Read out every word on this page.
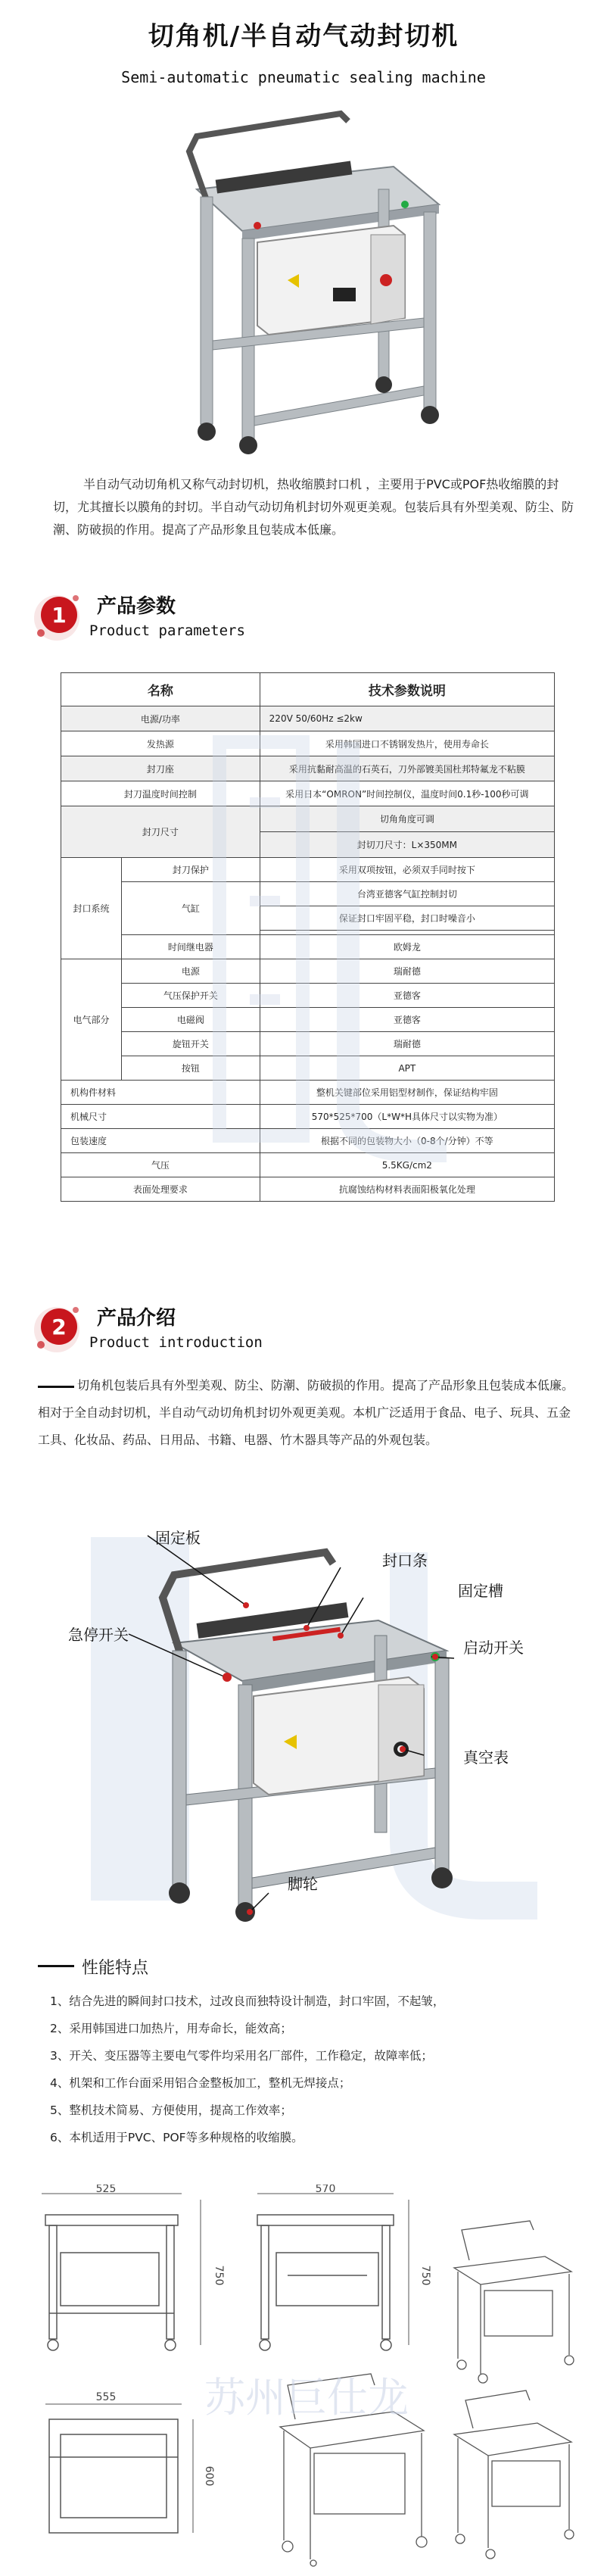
切角机/半自动气动封切机
Semi-automatic pneumatic sealing machine

半自动气动切角机又称气动封切机，热收缩膜封口机 ，主要用于PVC或POF热收缩膜的封切，尤其擅长以膜角的封切。半自动气动切角机封切外观更美观。包装后具有外型美观、防尘、防潮、防破损的作用。提高了产品形象且包装成本低廉。

1 产品参数
Product parameters
名称		技术参数说明
电源/功率		220V 50/60Hz ≤2kw
发热源		采用韩国进口不锈钢发热片，使用寿命长
封刀座		采用抗黏耐高温的石英石，刀外部镀美国杜邦特氟龙不粘膜
封刀温度时间控制		采用日本“OMRON”时间控制仪，温度时间0.1秒-100秒可调
封刀尺寸		切角角度可调
		封切刀尺寸：L×350MM
封口系统	封刀保护	采用双项按钮，必须双手同时按下
	气缸	台湾亚德客气缸控制封切
		保证封口牢固平稳，封口时噪音小

	时间继电器	欧姆龙
电气部分	电源	瑞耐德
	气压保护开关	亚德客
	电磁阀	亚德客
	旋钮开关	瑞耐德
	按钮	APT
机构件材料		整机关键部位采用铝型材制作，保证结构牢固
机械尺寸		570*525*700（L*W*H具体尺寸以实物为准）
包装速度		根据不同的包装物大小（0-8个/分钟）不等
气压		5.5KG/cm2
表面处理要求		抗腐蚀结构材料表面阳极氧化处理
2 产品介绍
Product introduction

切角机包装后具有外型美观、防尘、防潮、防破损的作用。提高了产品形象且包装成本低廉。相对于全自动封切机，半自动气动切角机封切外观更美观。本机广泛适用于食品、电子、玩具、五金工具、化妆品、药品、日用品、书籍、电器、竹木器具等产品的外观包装。

固定板
封口条
固定槽
急停开关
启动开关
真空表
脚轮
性能特点
1、结合先进的瞬间封口技术，过改良而独特设计制造，封口牢固，不起皱，
2、采用韩国进口加热片，用寿命长，能效高；
3、开关、变压器等主要电气零件均采用名厂部件，工作稳定，故障率低；
4、机架和工作台面采用铝合金整板加工，整机无焊接点；
5、整机技术简易、方便使用，提高工作效率；
6、本机适用于PVC、POF等多种规格的收缩膜。
525
750
570
750
555
600
苏州巨仕龙
